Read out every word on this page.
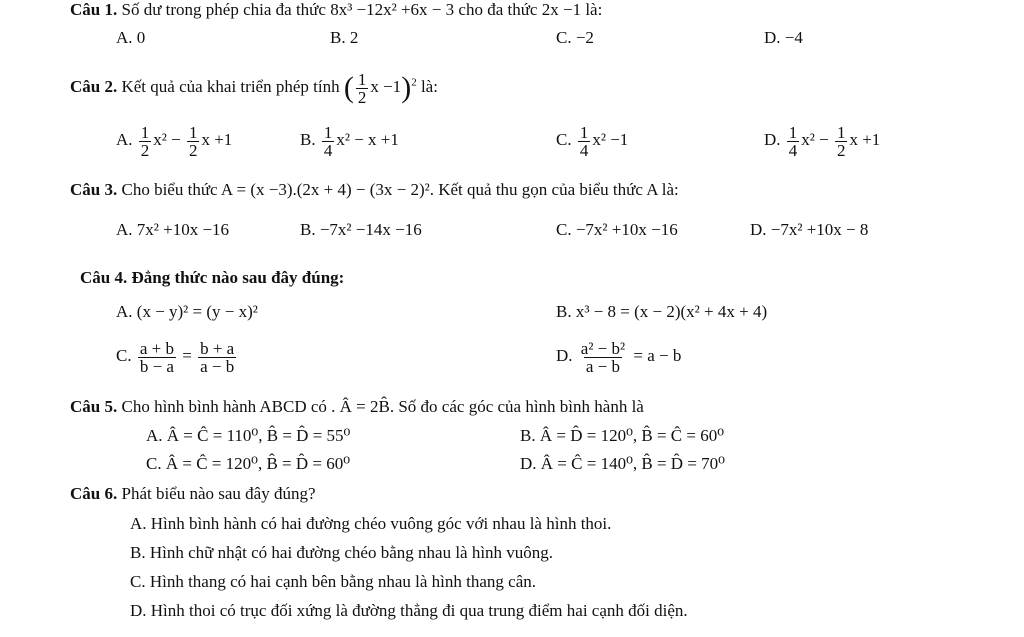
Câu 1. Số dư trong phép chia đa thức 8x³ −12x² +6x − 3 cho đa thức 2x −1 là:
A. 0	B. 2	C. −2	D. −4
Câu 2. Kết quả của khai triển phép tính ( $\frac{1}{2}$ x −1)$^2$ là:
A. $\frac{1}{2} x^2 - \frac{1}{2}$ x +1	B. $\frac{1}{4} x^2 - x +1$	C. $\frac{1}{4} x^2 -1$	D. $\frac{1}{4} x^2 - \frac{1}{2}$ x +1
Câu 3. Cho biểu thức A = (x −3).(2x + 4) − (3x − 2)². Kết quả thu gọn của biểu thức A là:
A. 7x² +10x −16	B. −7x² −14x −16	C. −7x² +10x −16	D. −7x² +10x − 8
Câu 4. Đẳng thức nào sau đây đúng:
A. (x − y)² = (y − x)²	B. x³ − 8 = (x − 2)(x² + 4x + 4)
C. $\frac{a + b}{b - a} = \frac{b + a}{a - b}$	D. $\frac{\text{a² − b²}}{a - b} = a - b$
Câu 5. Cho hình bình hành ABCD có . Â = 2B̂. Số đo các góc của hình bình hành là
A. Â = Ĉ = 110⁰, B̂ = D̂ = 55⁰	B. Â = D̂ = 120⁰, B̂ = Ĉ = 60⁰
C. Â = Ĉ = 120⁰, B̂ = D̂ = 60⁰	D. Â = Ĉ = 140⁰, B̂ = D̂ = 70⁰
Câu 6. Phát biểu nào sau đây đúng?
A. Hình bình hành có hai đường chéo vuông góc với nhau là hình thoi.
B. Hình chữ nhật có hai đường chéo bằng nhau là hình vuông.
C. Hình thang có hai cạnh bên bằng nhau là hình thang cân.
D. Hình thoi có trục đối xứng là đường thẳng đi qua trung điểm hai cạnh đối diện.
